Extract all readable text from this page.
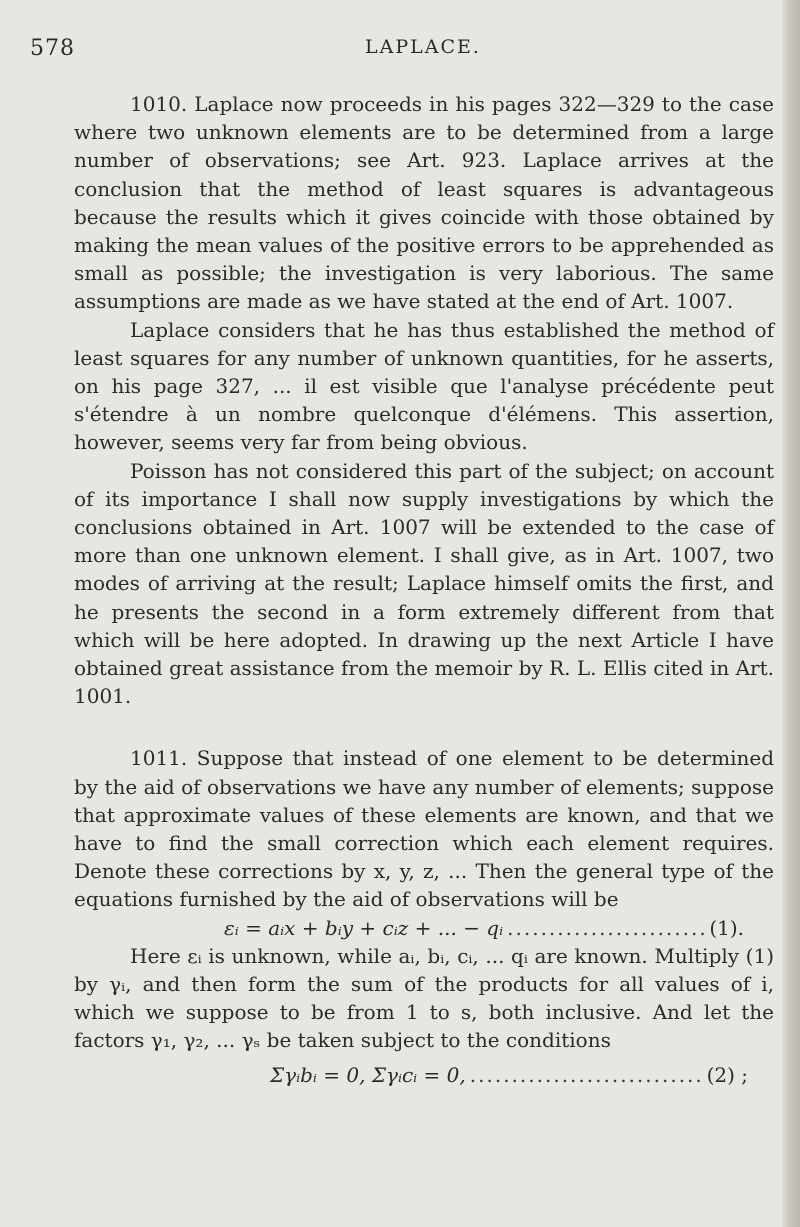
578	LAPLACE.

1010. Laplace now proceeds in his pages 322—329 to the case where two unknown elements are to be determined from a large number of observations; see Art. 923. Laplace arrives at the conclusion that the method of least squares is advantageous because the results which it gives coincide with those obtained by making the mean values of the positive errors to be apprehended as small as possible; the investigation is very laborious. The same assumptions are made as we have stated at the end of Art. 1007.

Laplace considers that he has thus established the method of least squares for any number of unknown quantities, for he asserts, on his page 327, ... il est visible que l'analyse précédente peut s'étendre à un nombre quelconque d'élémens. This assertion, however, seems very far from being obvious.

Poisson has not considered this part of the subject; on account of its importance I shall now supply investigations by which the conclusions obtained in Art. 1007 will be extended to the case of more than one unknown element. I shall give, as in Art. 1007, two modes of arriving at the result; Laplace himself omits the first, and he presents the second in a form extremely different from that which will be here adopted. In drawing up the next Article I have obtained great assistance from the memoir by R. L. Ellis cited in Art. 1001.

1011. Suppose that instead of one element to be determined by the aid of observations we have any number of elements; suppose that approximate values of these elements are known, and that we have to find the small correction which each element requires. Denote these corrections by x, y, z, ... Then the general type of the equations furnished by the aid of observations will be

εᵢ = aᵢx + bᵢy + cᵢz + ... − qᵢ .....	(1).

Here εᵢ is unknown, while aᵢ, bᵢ, cᵢ, ... qᵢ are known. Multiply (1) by γᵢ, and then form the sum of the products for all values of i, which we suppose to be from 1 to s, both inclusive. And let the factors γ₁, γ₂, ... γₛ be taken subject to the conditions

Σγᵢbᵢ = 0, Σγᵢcᵢ = 0, .....	(2) ;
